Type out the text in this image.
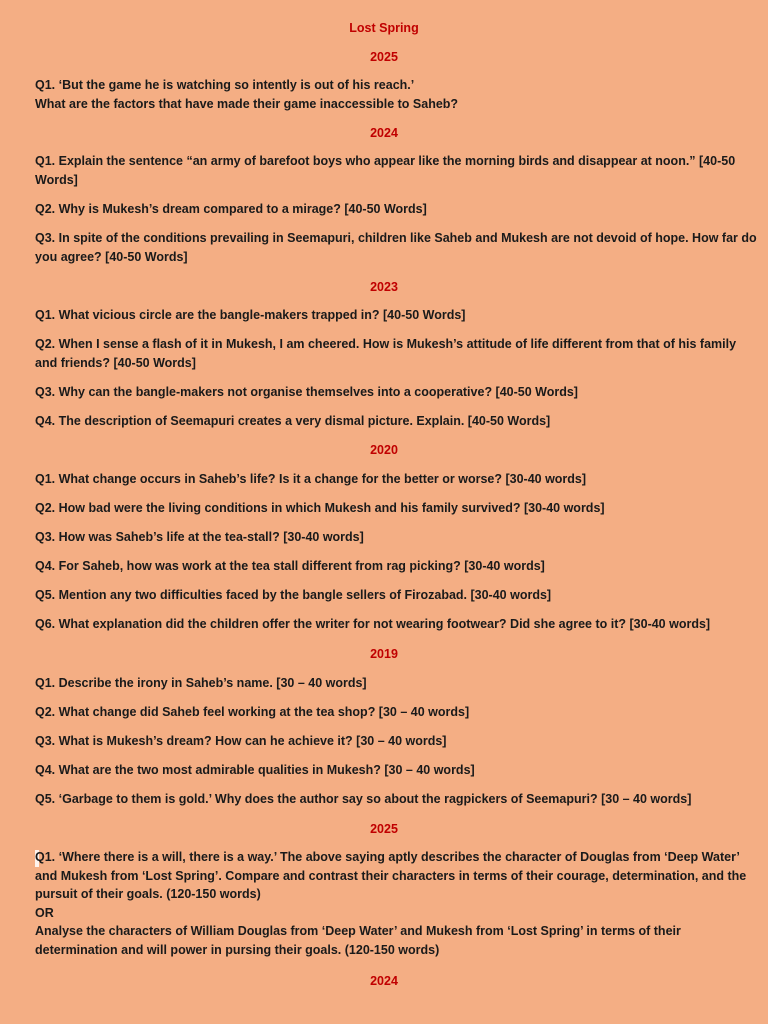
Lost Spring
2025
Q1. ‘But the game he is watching so intently is out of his reach.’
What are the factors that have made their game inaccessible to Saheb?
2024
Q1. Explain the sentence “an army of barefoot boys who appear like the morning birds and disappear at noon.” [40-50
Words]
Q2. Why is Mukesh’s dream compared to a mirage? [40-50 Words]
Q3. In spite of the conditions prevailing in Seemapuri, children like Saheb and Mukesh are not devoid of hope. How far do
you agree? [40-50 Words]
2023
Q1. What vicious circle are the bangle-makers trapped in? [40-50 Words]
Q2. When I sense a flash of it in Mukesh, I am cheered. How is Mukesh’s attitude of life different from that of his family
and friends? [40-50 Words]
Q3. Why can the bangle-makers not organise themselves into a cooperative? [40-50 Words]
Q4. The description of Seemapuri creates a very dismal picture. Explain. [40-50 Words]
2020
Q1. What change occurs in Saheb’s life? Is it a change for the better or worse? [30-40 words]
Q2. How bad were the living conditions in which Mukesh and his family survived? [30-40 words]
Q3. How was Saheb’s life at the tea-stall? [30-40 words]
Q4. For Saheb, how was work at the tea stall different from rag picking? [30-40 words]
Q5. Mention any two difficulties faced by the bangle sellers of Firozabad. [30-40 words]
Q6. What explanation did the children offer the writer for not wearing footwear? Did she agree to it? [30-40 words]
2019
Q1. Describe the irony in Saheb’s name. [30 – 40 words]
Q2. What change did Saheb feel working at the tea shop? [30 – 40 words]
Q3. What is Mukesh’s dream? How can he achieve it? [30 – 40 words]
Q4. What are the two most admirable qualities in Mukesh? [30 – 40 words]
Q5. ‘Garbage to them is gold.’ Why does the author say so about the ragpickers of Seemapuri? [30 – 40 words]
2025
Q1. ‘Where there is a will, there is a way.’ The above saying aptly describes the character of Douglas from ‘Deep Water’
and Mukesh from ‘Lost Spring’. Compare and contrast their characters in terms of their courage, determination, and the
pursuit of their goals. (120-150 words)
OR
Analyse the characters of William Douglas from ‘Deep Water’ and Mukesh from ‘Lost Spring’ in terms of their
determination and will power in pursing their goals. (120-150 words)
2024
